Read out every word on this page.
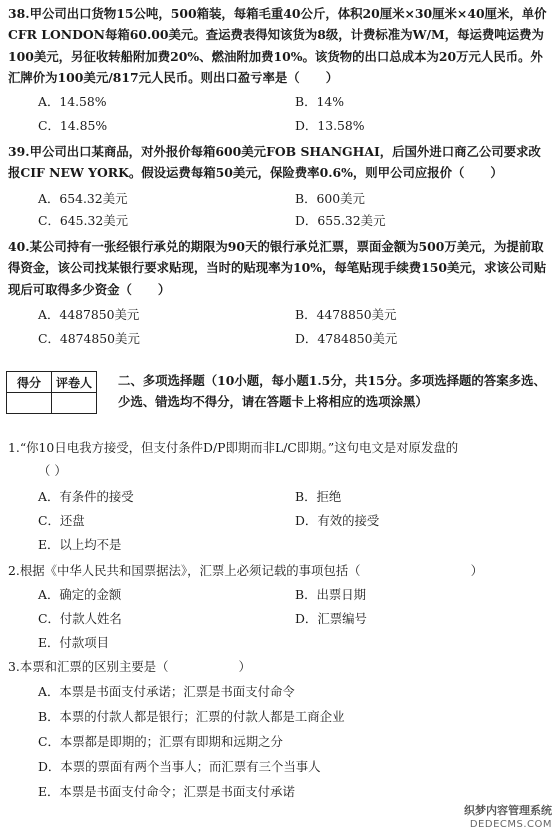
38.甲公司出口货物15公吨，500箱装，每箱毛重40公斤，体积20厘米×30厘米×40厘米，单价CFR LONDON每箱60.00美元。查运费表得知该货为8级，计费标准为W/M，每运费吨运费为100美元，另征收转船附加费20%、燃油附加费10%。该货物的出口总成本为20万元人民币。外汇牌价为100美元/817元人民币。则出口盈亏率是（ ）
A．14.58%	B．14%
C．14.85%	D．13.58%
39.甲公司出口某商品，对外报价每箱600美元FOB SHANGHAI，后国外进口商乙公司要求改报CIF NEW YORK。假设运费每箱50美元，保险费率0.6%，则甲公司应报价（ ）
A．654.32美元	B．600美元
C．645.32美元	D．655.32美元
40.某公司持有一张经银行承兑的期限为90天的银行承兑汇票，票面金额为500万美元，为提前取得资金，该公司找某银行要求贴现，当时的贴现率为10%，每笔贴现手续费150美元，求该公司贴现后可取得多少资金（ ）
A．4487850美元	B．4478850美元
C．4874850美元	D．4784850美元
得分	评卷人
	二、多项选择题（10小题，每小题1.5分，共15分。多项选择题的答案多选、少选、错选均不得分，请在答题卡上将相应的选项涂黑）
1.“你10日电我方接受，但支付条件D/P即期而非L/C即期。”这句电文是对原发盘的
（ ）
A．有条件的接受	B．拒绝
C．还盘	D．有效的接受
E．以上均不是
2.根据《中华人民共和国票据法》，汇票上必须记载的事项包括（	）
A．确定的金额	B．出票日期
C．付款人姓名	D．汇票编号
E．付款项目
3.本票和汇票的区别主要是（	）
A．本票是书面支付承诺；汇票是书面支付命令
B．本票的付款人都是银行；汇票的付款人都是工商企业
C．本票都是即期的；汇票有即期和远期之分
D．本票的票面有两个当事人；而汇票有三个当事人
E．本票是书面支付命令；汇票是书面支付承诺
织梦内容管理系统
DEDECMS.COM
